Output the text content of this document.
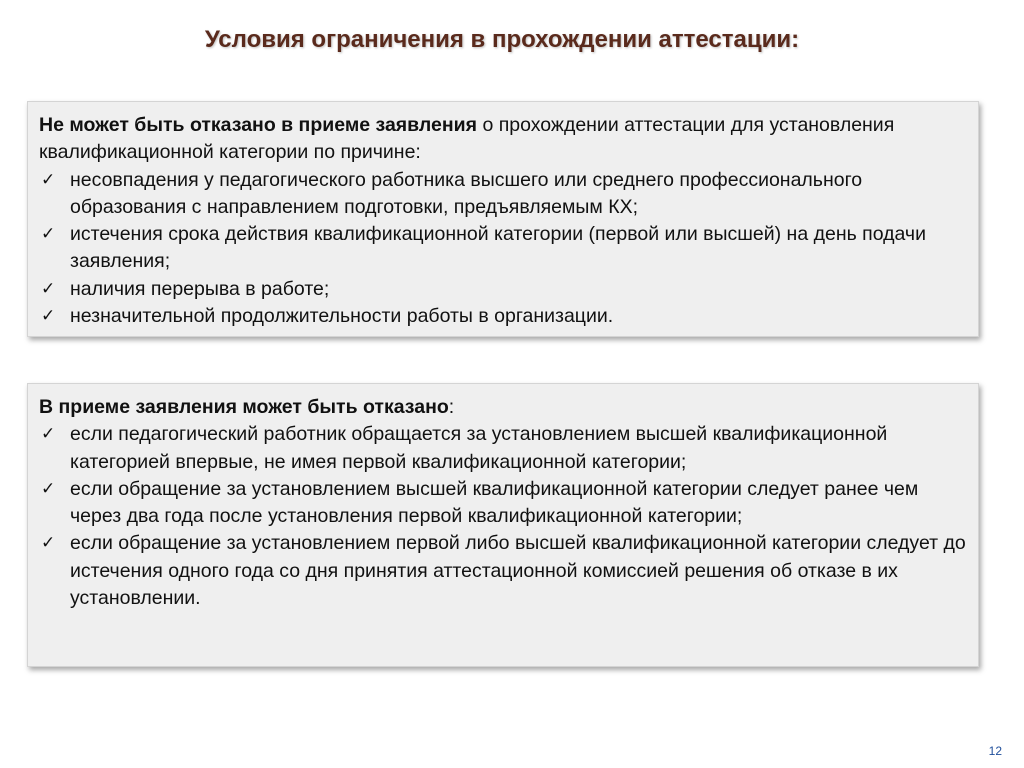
Условия ограничения в прохождении аттестации:

Не может быть отказано в приеме заявления о прохождении аттестации для установления квалификационной категории по причине:

✓ несовпадения у педагогического работника высшего или среднего профессионального образования с направлением подготовки, предъявляемым КХ;
✓ истечения срока действия квалификационной категории (первой или высшей) на день подачи заявления;
✓ наличия перерыва в работе;
✓ незначительной продолжительности работы в организации.

В приеме заявления может быть отказано:

✓ если педагогический работник обращается за установлением высшей квалификационной категорией впервые, не имея первой квалификационной категории;
✓ если обращение за установлением высшей квалификационной категории следует ранее чем через два года после установления первой квалификационной категории;
✓ если обращение за установлением первой либо высшей квалификационной категории следует до истечения одного года со дня принятия аттестационной комиссией решения об отказе в их установлении.
12
